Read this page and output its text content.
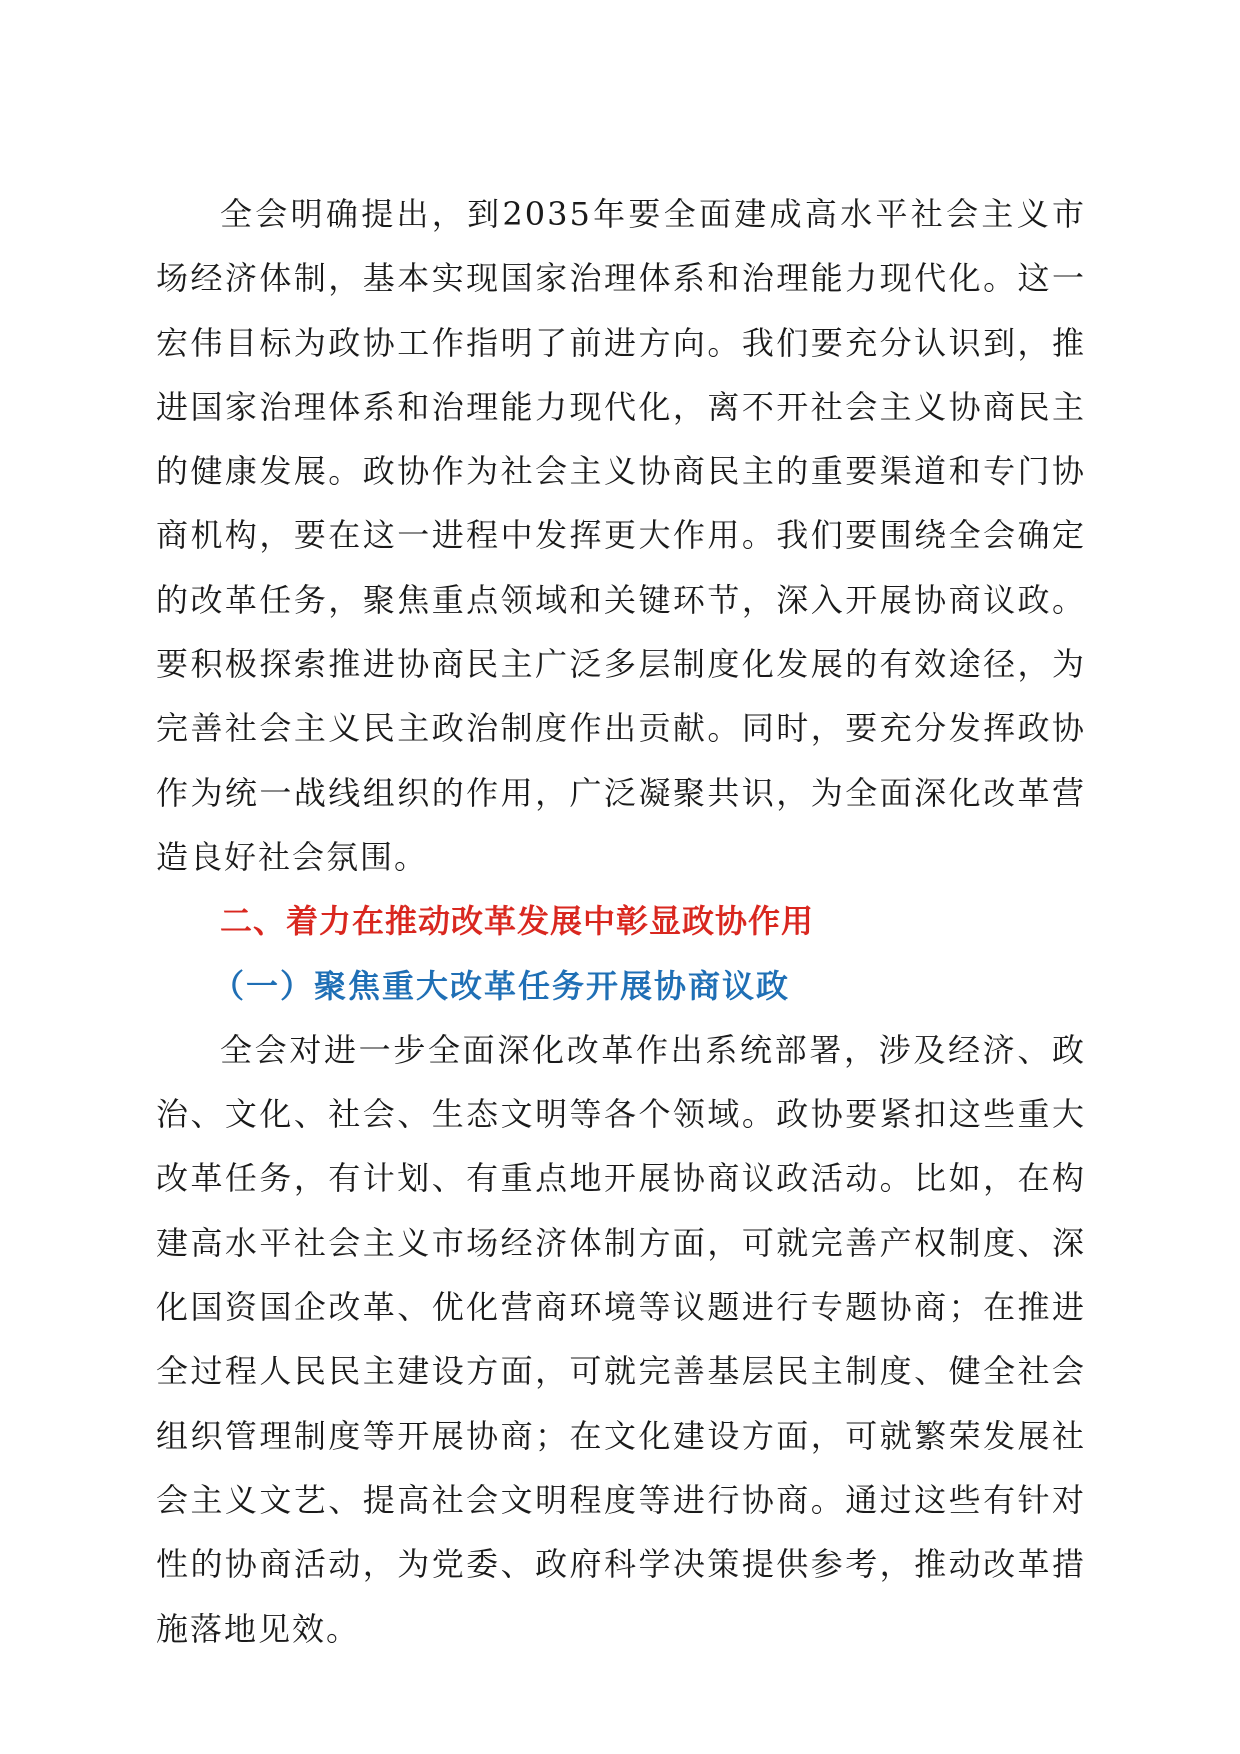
全会明确提出，到2035年要全面建成高水平社会主义市场经济体制，基本实现国家治理体系和治理能力现代化。这一宏伟目标为政协工作指明了前进方向。我们要充分认识到，推进国家治理体系和治理能力现代化，离不开社会主义协商民主的健康发展。政协作为社会主义协商民主的重要渠道和专门协商机构，要在这一进程中发挥更大作用。我们要围绕全会确定的改革任务，聚焦重点领域和关键环节，深入开展协商议政。要积极探索推进协商民主广泛多层制度化发展的有效途径，为完善社会主义民主政治制度作出贡献。同时，要充分发挥政协作为统一战线组织的作用，广泛凝聚共识，为全面深化改革营造良好社会氛围。

二、着力在推动改革发展中彰显政协作用
（一）聚焦重大改革任务开展协商议政

全会对进一步全面深化改革作出系统部署，涉及经济、政治、文化、社会、生态文明等各个领域。政协要紧扣这些重大改革任务，有计划、有重点地开展协商议政活动。比如，在构建高水平社会主义市场经济体制方面，可就完善产权制度、深化国资国企改革、优化营商环境等议题进行专题协商；在推进全过程人民民主建设方面，可就完善基层民主制度、健全社会组织管理制度等开展协商；在文化建设方面，可就繁荣发展社会主义文艺、提高社会文明程度等进行协商。通过这些有针对性的协商活动，为党委、政府科学决策提供参考，推动改革措施落地见效。
